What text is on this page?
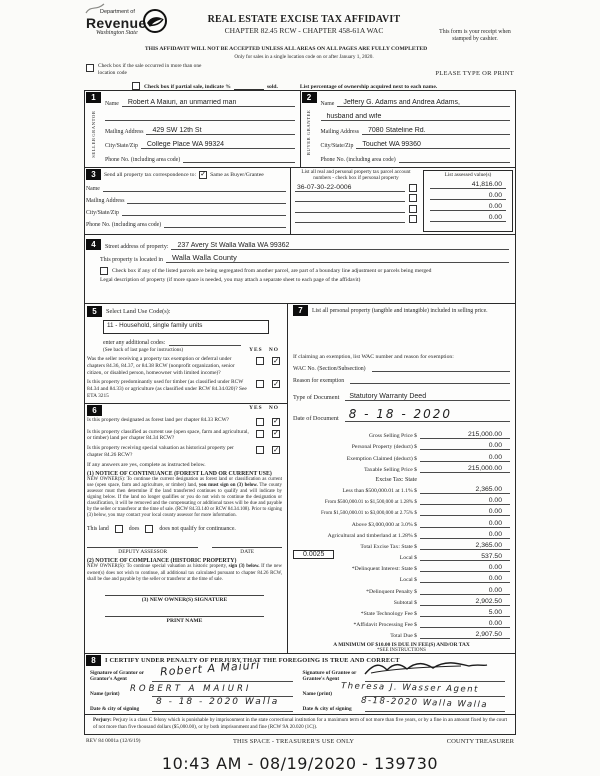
Department of
Revenue
Washington State
REAL ESTATE EXCISE TAX AFFIDAVIT
CHAPTER 82.45 RCW - CHAPTER 458-61A WAC
THIS AFFIDAVIT WILL NOT BE ACCEPTED UNLESS ALL AREAS ON ALL PAGES ARE FULLY COMPLETED
Only for sales in a single location code on or after January 1, 2020.
This form is your receipt when stamped by cashier.
PLEASE TYPE OR PRINT
Check box if the sale occurred in more than one location code
Check box if partial sale, indicate %	sold.	List percentage of ownership acquired next to each name.
1
SELLER
GRANTOR
Name	Robert A Maiuri, an unmarried man
Mailing Address	429 SW 12th St
City/State/Zip	College Place WA 99324
Phone No. (including area code)
2
BUYER
GRANTEE
Name	Jeffery G. Adams and Andrea Adams,
husband and wife
Mailing Address	7080 Stateline Rd.
City/State/Zip	Touchet WA 99360
Phone No. (including area code)
3	Send all property tax correspondence to: ✓ Same as Buyer/Grantee
Name
Mailing Address
City/State/Zip
Phone No. (including area code)
List all real and personal property tax parcel account numbers - check box if personal property
36-07-30-22-0006
List assessed value(s)
41,816.00
0.00
0.00
0.00
4	Street address of property:	237 Avery St Walla Walla WA 99362
This property is located in	Walla Walla County
Check box if any of the listed parcels are being segregated from another parcel, are part of a boundary line adjustment or parcels being merged
Legal description of property (if more space is needed, you may attach a separate sheet to each page of the affidavit)
5	Select Land Use Code(s):
11 - Household, single family units
enter any additional codes:
(See back of last page for instructions)	YES NO
Was the seller receiving a property tax exemption or deferral under chapters 84.36, 84.37, or 84.38 RCW (nonprofit organization, senior citizen, or disabled person, homeowner with limited income)?
✓
Is this property predominantly used for timber (as classified under RCW 84.34 and 84.33) or agriculture (as classified under RCW 84.34.020)? See ETA 3215
✓
6	YES NO
Is this property designated as forest land per chapter 84.33 RCW?
✓
Is this property classified as current use (open space, farm and agricultural, or timber) land per chapter 84.34 RCW?
✓
Is this property receiving special valuation as historical property per chapter 84.26 RCW?
✓
If any answers are yes, complete as instructed below.
(1) NOTICE OF CONTINUANCE (FOREST LAND OR CURRENT USE)
NEW OWNER(S): To continue the current designation as forest land or classification as current use (open space, farm and agriculture, or timber) land, you must sign on (3) below. The county assessor must then determine if the land transferred continues to qualify and will indicate by signing below. If the land no longer qualifies or you do not wish to continue the designation or classification, it will be removed and the compensating or additional taxes will be due and payable by the seller or transferor at the time of sale. (RCW 84.33.140 or RCW 84.34.108). Prior to signing (3) below, you may contact your local county assessor for more information.
This land	does	does not qualify for continuance.
DEPUTY ASSESSOR	DATE
(2) NOTICE OF COMPLIANCE (HISTORIC PROPERTY)
NEW OWNER(S): To continue special valuation as historic property, sign (3) below. If the new owner(s) does not wish to continue, all additional tax calculated pursuant to chapter 84.26 RCW, shall be due and payable by the seller or transferor at the time of sale.
(3) NEW OWNER(S) SIGNATURE
PRINT NAME
7	List all personal property (tangible and intangible) included in selling price.
If claiming an exemption, list WAC number and reason for exemption:
WAC No. (Section/Subsection)
Reason for exemption
Type of Document	Statutory Warranty Deed
Date of Document 8 - 18 - 2020
Gross Selling Price $	215,000.00
Personal Property (deduct) $	0.00
Exemption Claimed (deduct) $	0.00
Taxable Selling Price $	215,000.00
Excise Tax: State
Less than $500,000.01 at 1.1% $	2,365.00
From $500,000.01 to $1,500,000 at 1.28% $	0.00
From $1,500,000.01 to $3,000,000 at 2.75% $	0.00
Above $3,000,000 at 3.0% $	0.00
Agricultural and timberland at 1.28% $	0.00
Total Excise Tax: State $	2,365.00
0.0025
Local $	537.50
*Delinquent Interest: State $	0.00
Local $	0.00
*Delinquent Penalty $	0.00
Subtotal $	2,902.50
*State Technology Fee $	5.00
*Affidavit Processing Fee $	0.00
Total Due $	2,907.50
A MINIMUM OF $10.00 IS DUE IN FEE(S) AND/OR TAX
*SEE INSTRUCTIONS
8	I CERTIFY UNDER PENALTY OF PERJURY THAT THE FOREGOING IS TRUE AND CORRECT
Signature of Grantor or Grantor's Agent	Robert A Maiuri
Name (print)	ROBERT A MAIURI
Date & city of signing
8 - 18 - 2020 Walla
Signature of Grantee or Grantee's Agent
Name (print) Theresa J. Wasser Agent
Date & city of signing	8-18-2020 Walla Walla
Perjury: Perjury is a class C felony which is punishable by imprisonment in the state correctional institution for a maximum term of not more than five years, or by a fine in an amount fixed by the court of not more than five thousand dollars ($5,000.00), or by both imprisonment and fine (RCW 9A 20.020 (1C)).
REV 84 0001a (12/6/19)	THIS SPACE - TREASURER'S USE ONLY	COUNTY TREASURER
10:43 AM - 08/19/2020 - 139730
